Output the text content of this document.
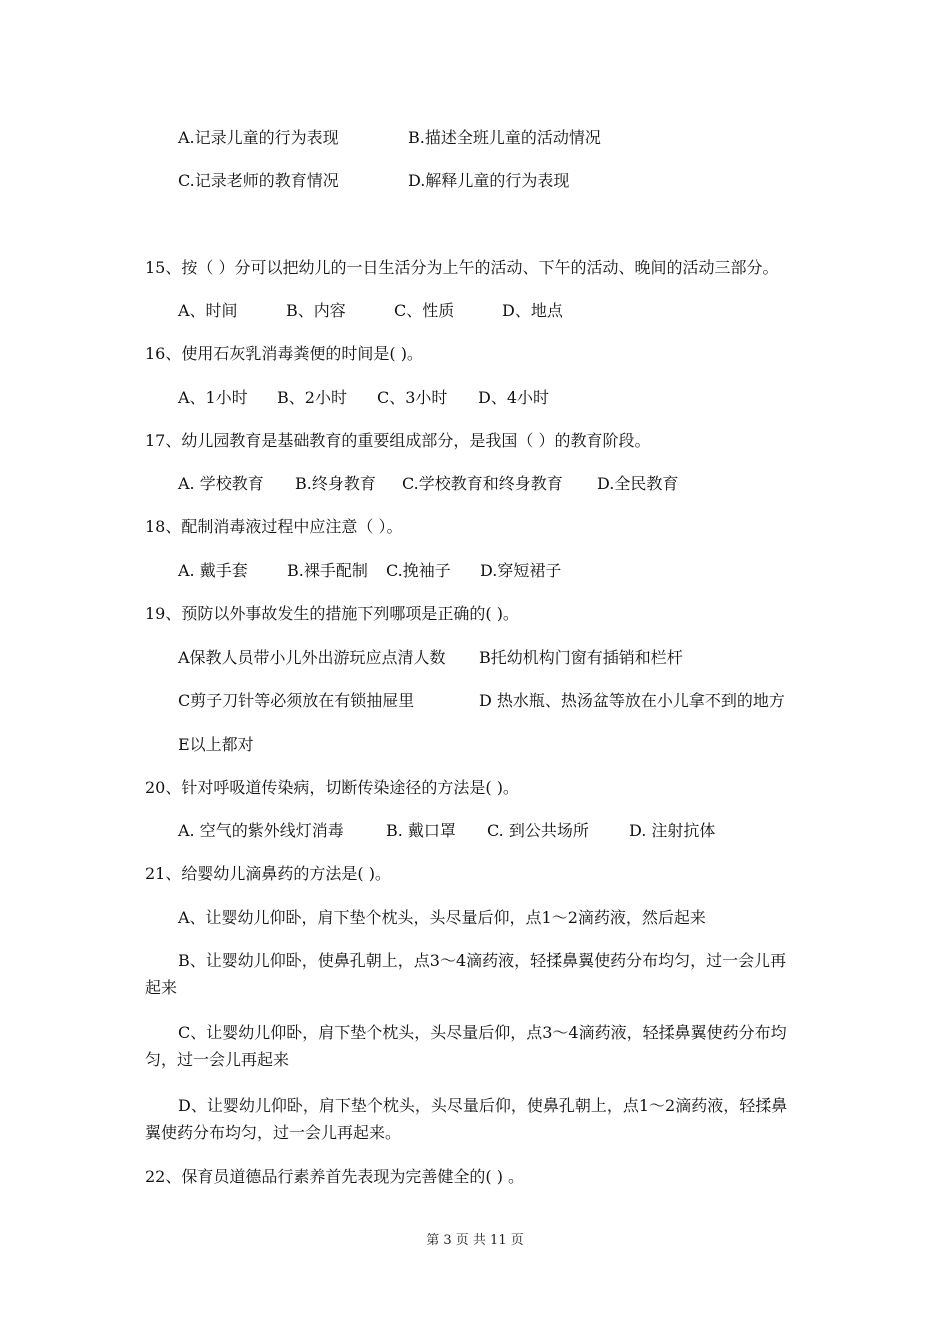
A.记录儿童的行为表现	B.描述全班儿童的活动情况
C.记录老师的教育情况	D.解释儿童的行为表现
15、按（ ）分可以把幼儿的一日生活分为上午的活动、下午的活动、晚间的活动三部分。
A、时间	B、内容	C、性质	D、地点
16、使用石灰乳消毒粪便的时间是( )。
A、1小时 B、2小时 C、3小时 D、4小时
17、幼儿园教育是基础教育的重要组成部分，是我国（ ）的教育阶段。
A. 学校教育 B.终身教育 C.学校教育和终身教育 D.全民教育
18、配制消毒液过程中应注意（ ）。
A. 戴手套 B.裸手配制 C.挽袖子 D.穿短裙子
19、预防以外事故发生的措施下列哪项是正确的( )。
A保教人员带小儿外出游玩应点清人数 B托幼机构门窗有插销和栏杆
C剪子刀针等必须放在有锁抽屉里	D 热水瓶、热汤盆等放在小儿拿不到的地方
E以上都对
20、针对呼吸道传染病，切断传染途径的方法是( )。
A. 空气的紫外线灯消毒	B. 戴口罩 C. 到公共场所	D. 注射抗体
21、给婴幼儿滴鼻药的方法是( )。
A、让婴幼儿仰卧，肩下垫个枕头，头尽量后仰，点1～2滴药液，然后起来
B、让婴幼儿仰卧，使鼻孔朝上，点3～4滴药液，轻揉鼻翼使药分布均匀，过一会儿再
起来
C、让婴幼儿仰卧，肩下垫个枕头，头尽量后仰，点3～4滴药液，轻揉鼻翼使药分布均
匀，过一会儿再起来
D、让婴幼儿仰卧，肩下垫个枕头，头尽量后仰，使鼻孔朝上，点1～2滴药液，轻揉鼻
翼使药分布均匀，过一会儿再起来。
22、保育员道德品行素养首先表现为完善健全的( ) 。
第 3 页 共 11 页
